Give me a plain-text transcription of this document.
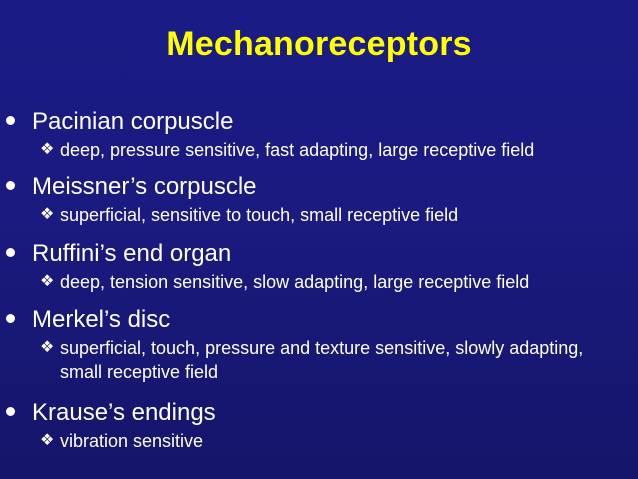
Mechanoreceptors
Pacinian corpuscle
❖ deep, pressure sensitive, fast adapting, large receptive field
Meissner’s corpuscle
❖ superficial, sensitive to touch, small receptive field
Ruffini’s end organ
❖ deep, tension sensitive, slow adapting, large receptive field
Merkel’s disc
❖ superficial, touch, pressure and texture sensitive, slowly adapting, small receptive field
Krause’s endings
❖ vibration sensitive
